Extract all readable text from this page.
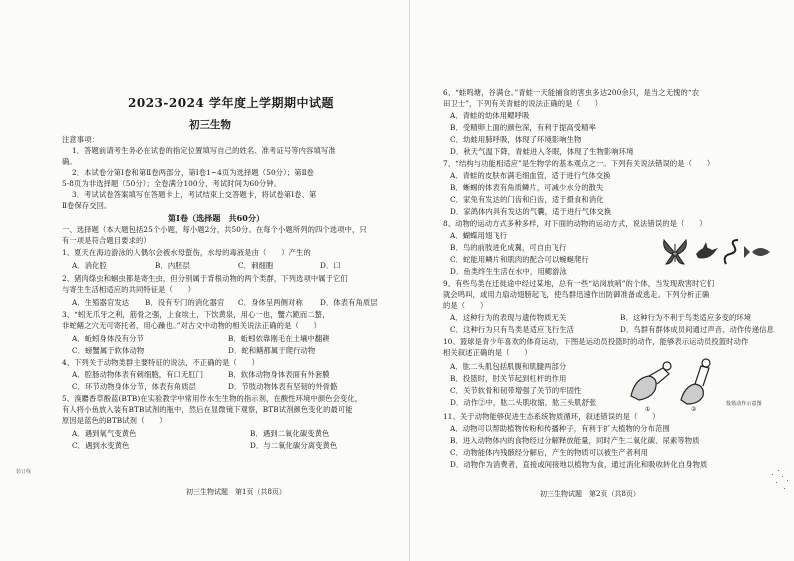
2023-2024 学年度上学期期中试题
初三生物
注意事项：
1．答题前请考生务必在试卷的指定位置填写自己的姓名、准考证号等内容填写准
确。
2．本试卷分第Ⅰ卷和第Ⅱ卷两部分，第Ⅰ卷1~4页为选择题（50分）；第Ⅱ卷
5-8页为非选择题（50分）；全卷满分100分，考试时间为60分钟。
3．考试试卷答案填写在答题卡上，考试结束上交答题卡，将试卷第Ⅰ卷、第
Ⅱ卷保存交回。
第Ⅰ卷（选择题　共60分）
一、选择题（本大题包括25个小题，每小题2分，共50分。在每个小题所列的四个选项中，只
有一项是符合题目要求的）
1、夏天在海边游泳的人偶尔会被水母蜇伤，水母的毒液是由（　　）产生的
A．消化腔	B．内胚层	C．刺细胞	D．口
2、猪肉绦虫和蛔虫都是寄生虫，但分别属于背根动物的两个类群，下列选项中属于它们
与寄生生活相适应的共同特征是（　　）
A．生殖器官发达 B．没有专门的消化器官 C．身体呈两侧对称 D．体表有角质层
3、“蚓无爪牙之利，筋骨之强，上食埃土，下饮黄泉，用心一也，蟹六跪而二螯，
非蛇鳝之穴无可寄托者，用心躁也。”对古文中动物的相关说法正确的是（　　）
A．蚯蚓身体没有分节	B．蚯蚓依靠刚毛在土壤中翻耕
C．螃蟹属于软体动物	D．蛇和鳝都属于爬行动物
4、下列关于动物类群主要特征的说法，不正确的是（　　）
A．腔肠动物体表有刺细胞，有口无肛门	B．软体动物身体表面有外套膜
C．环节动物身体分节，体表有角质层	D．节肢动物体表有坚韧的外骨骼
5、溴麝香草酚蓝(BTB)在实验教学中常用作水生生物的指示剂，在酸性环境中颜色会变化，
有人将小鱼放入装有BTB试剂的瓶中，然后在显微镜下观察，BTB试剂颜色变化的最可能
原因是蓝色的BTB试剂（　　）
A．遇到氧气变黄色	B．遇到二氧化碳变黄色
C．遇到水变黄色	D．与二氧化碳分离变黄色
初三生物试题　第1页（共8页）
装订线
6、“蛙鸣塘，谷满仓。”青蛙一天能捕食的害虫多达200余只，是当之无愧的“农
田卫士”，下列有关青蛙的说法正确的是（　　）
A．青蛙的幼体用鳃呼吸
B．受精卵上面的颜色深，有利于提高受精率
C．幼蛙用肺呼吸，体现了环境影响生物
D．秋天气温下降，青蛙进入冬眠，体现了生物影响环境
7、“结构与功能相适应”是生物学的基本观点之一。下列有关说法错误的是（　　）
A．青蛙的皮肤布满毛细血管，适于进行气体交换
B．蜥蜴的体表有角质鳞片，可减少水分的散失
C．家兔有发达的门齿和臼齿，适于摄食和消化
D．家鸽体内具有发达的气囊，适于进行气体交换
8、动物的运动方式多种多样，对下面的动物的运动方式，说法错误的是（　　）
A．蝴蝶用翅飞行
B．鸟的前肢进化成翼，可自由飞行
C．蛇能用鳞片和肌肉的配合可以蜿蜒爬行
D．鱼类终生生活在水中，用鳃游泳
9、有些鸟类在迁徙途中经过某地，总有一些“站岗放哨”的个体，当发现敌害时它们
就会鸣叫，或用力扇动翅膀起飞，使鸟群迅速作出防御准备或逃走。下列分析正确
的是（　　）
A．这种行为的表现与遗传物质无关	B．这种行为不利于鸟类适应多变的环境
C．这种行为只有鸟类是适应飞行生活	D．鸟群有群体成员间通过声音、动作传递信息
10、篮球是青少年喜欢的体育运动，下图是运动员投篮时的动作，能够表示运动员投篮时动作
相关叙述正确的是（　　）
A．肱二头肌包括肌腹和肌腱两部分
B．投篮时，肘关节起到杠杆的作用
C．关节软骨和韧带增强了关节的牢固性
D．动作②中，肱二头肌收缩，肱三头肌舒张
①	②
投篮动作示意图
11、关于动物能够促进生态系统物质循环，叙述错误的是（　　）
A．动物可以帮助植物传粉和传播种子，有利于扩大植物的分布范围
B．进入动物体内的食物经过分解释放能量，同时产生二氧化碳、尿素等物质
C．动物能体内残骸经分解后，产生的物质可以被生产者利用
D．动物作为消费者，直接或间接地以植物为食，通过消化和吸收转化自身物质
初三生物试题　第2页（共8页）
